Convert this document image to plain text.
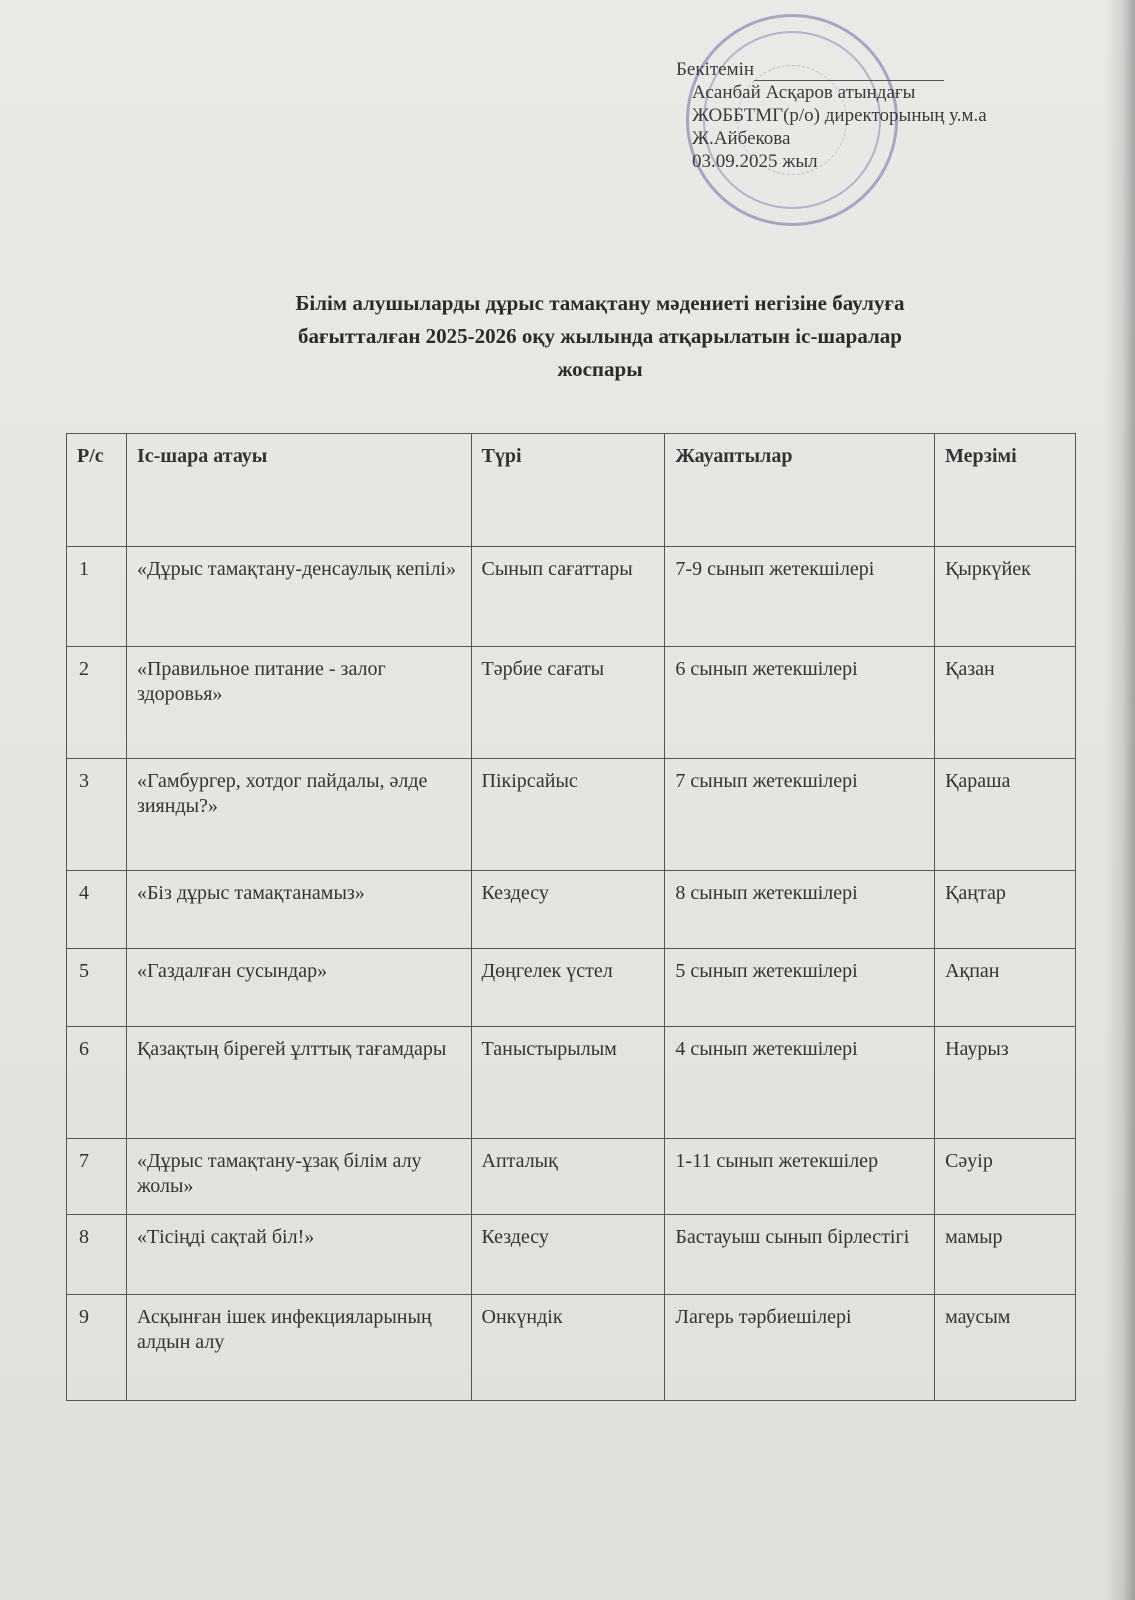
Бекітемін
Асанбай Асқаров атындағы
ЖОББТМГ(р/о) директорының у.м.а
Ж.Айбекова
03.09.2025 жыл
Білім алушыларды дұрыс тамақтану мәдениеті негізіне баулуға
бағытталған 2025-2026 оқу жылында атқарылатын іс-шаралар
жоспары
Р/с	Іс-шара атауы	Түрі	Жауаптылар	Мерзімі
1	«Дұрыс тамақтану-денсаулық кепілі»	Сынып сағаттары	7-9 сынып жетекшілері	Қыркүйек
2	«Правильное питание - залог здоровья»	Тәрбие сағаты	6 сынып жетекшілері	Қазан
3	«Гамбургер, хотдог пайдалы, әлде зиянды?»	Пікірсайыс	7 сынып жетекшілері	Қараша
4	«Біз дұрыс тамақтанамыз»	Кездесу	8 сынып жетекшілері	Қаңтар
5	«Газдалған сусындар»	Дөңгелек үстел	5 сынып жетекшілері	Ақпан
6	Қазақтың бірегей ұлттық тағамдары	Таныстырылым	4 сынып жетекшілері	Наурыз
7	«Дұрыс тамақтану-ұзақ білім алу жолы»	Апталық	1-11 сынып жетекшілер	Сәуір
8	«Тісіңді сақтай біл!»	Кездесу	Бастауыш сынып бірлестігі	мамыр
9	Асқынған ішек инфекцияларының алдын алу	Онкүндік	Лагерь тәрбиешілері	маусым
